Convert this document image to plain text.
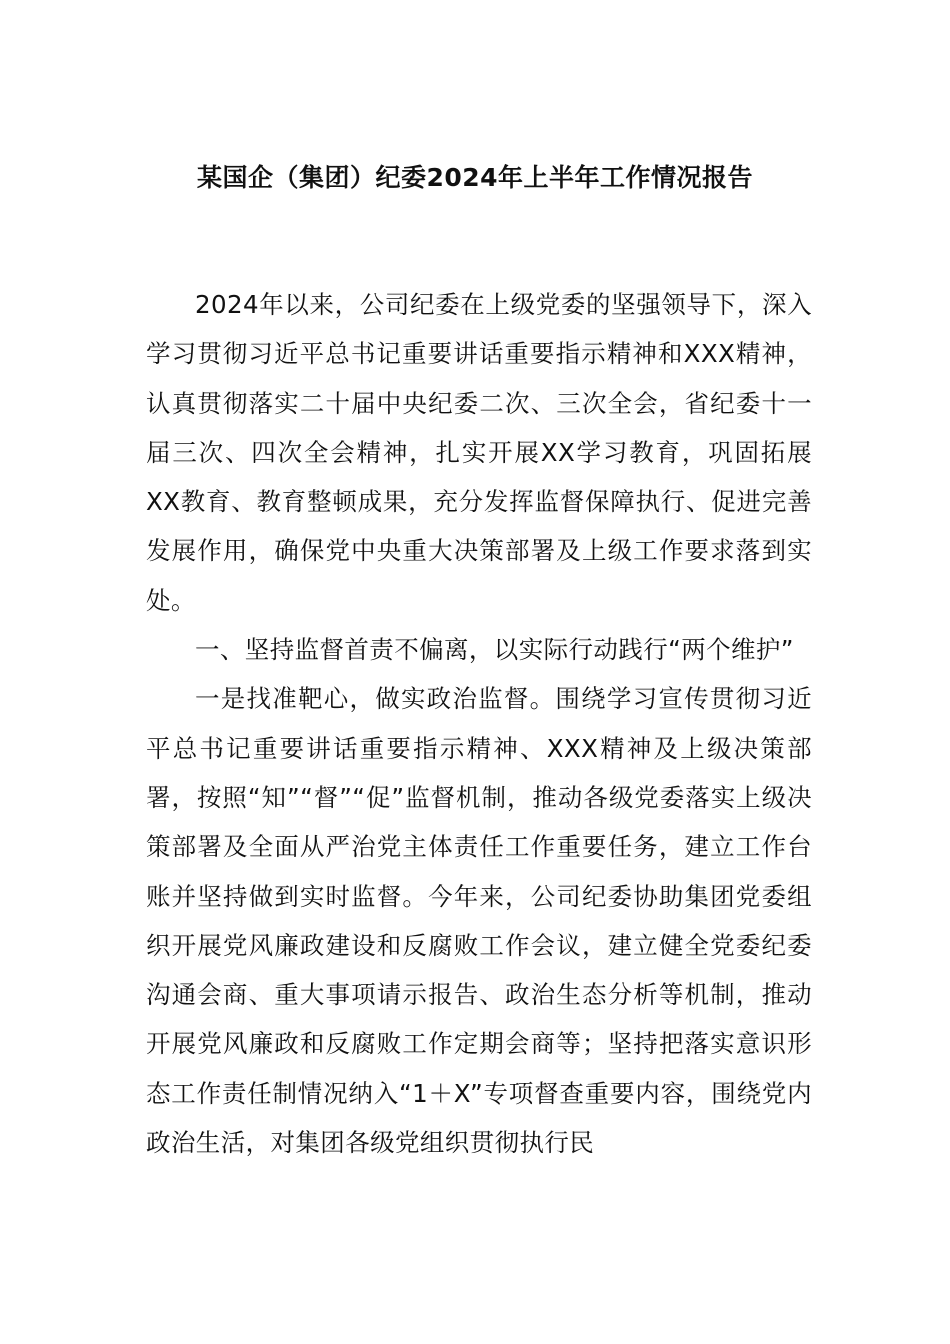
某国企（集团）纪委2024年上半年工作情况报告

2024年以来，公司纪委在上级党委的坚强领导下，深入学习贯彻习近平总书记重要讲话重要指示精神和XXX精神，认真贯彻落实二十届中央纪委二次、三次全会，省纪委十一届三次、四次全会精神，扎实开展XX学习教育，巩固拓展XX教育、教育整顿成果，充分发挥监督保障执行、促进完善发展作用，确保党中央重大决策部署及上级工作要求落到实处。

一、坚持监督首责不偏离，以实际行动践行“两个维护”

一是找准靶心，做实政治监督。围绕学习宣传贯彻习近平总书记重要讲话重要指示精神、XXX精神及上级决策部署，按照“知”“督”“促”监督机制，推动各级党委落实上级决策部署及全面从严治党主体责任工作重要任务，建立工作台账并坚持做到实时监督。今年来，公司纪委协助集团党委组织开展党风廉政建设和反腐败工作会议，建立健全党委纪委沟通会商、重大事项请示报告、政治生态分析等机制，推动开展党风廉政和反腐败工作定期会商等；坚持把落实意识形态工作责任制情况纳入“1＋X”专项督查重要内容，围绕党内政治生活，对集团各级党组织贯彻执行民
